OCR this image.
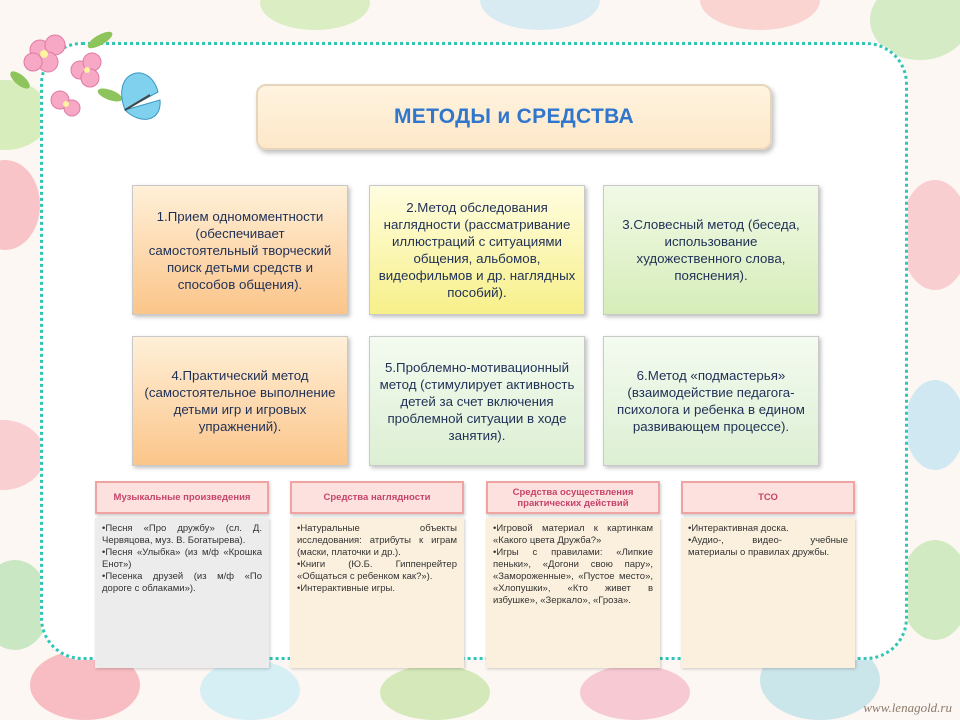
МЕТОДЫ и СРЕДСТВА
1.Прием одномоментности (обеспечивает самостоятельный творческий поиск детьми средств и способов общения).
2.Метод обследования наглядности (рассматривание иллюстраций с ситуациями общения, альбомов, видеофильмов и др. наглядных пособий).
3.Словесный метод (беседа, использование художественного слова, пояснения).
4.Практический метод (самостоятельное выполнение детьми игр и игровых упражнений).
5.Проблемно-мотивационный метод (стимулирует активность детей за счет включения проблемной ситуации в ходе занятия).
6.Метод «подмастерья» (взаимодействие педагога-психолога и ребенка в едином развивающем процессе).
Музыкальные произведения
•Песня «Про дружбу» (сл. Д. Червяцова, муз. В. Богатырева).
•Песня «Улыбка» (из м/ф «Крошка Енот»)
•Песенка друзей (из м/ф «По дороге с облаками»).
Средства наглядности
•Натуральные объекты исследования: атрибуты к играм (маски, платочки и др.).
•Книги (Ю.Б. Гиппенрейтер «Общаться с ребенком как?»).
•Интерактивные игры.
Средства осуществления практических действий
•Игровой материал к картинкам «Какого цвета Дружба?»
•Игры с правилами: «Липкие пеньки», «Догони свою пару», «Замороженные», «Пустое место», «Хлопушки», «Кто живет в избушке», «Зеркало», «Гроза».
ТСО
•Интерактивная доска.
•Аудио-, видео- учебные материалы о правилах дружбы.
www.lenagold.ru
